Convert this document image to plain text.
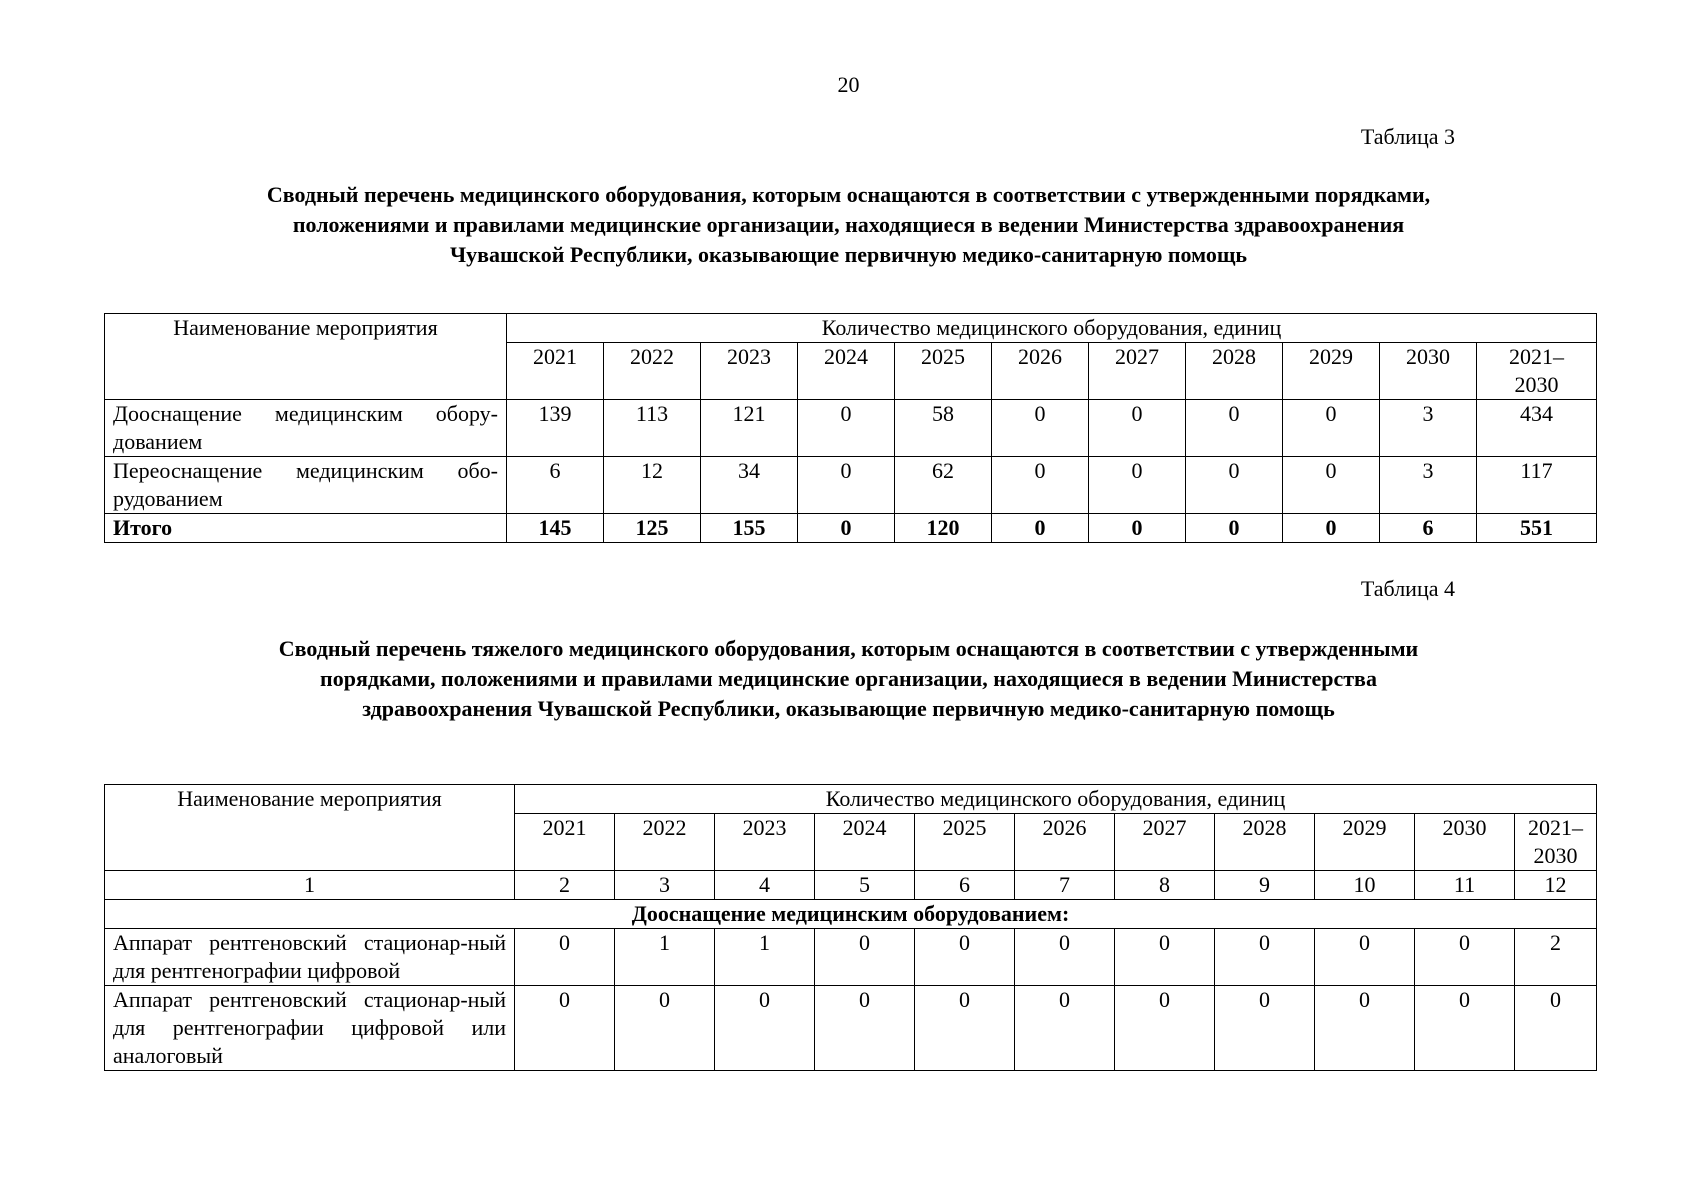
20
Таблица 3
Сводный перечень медицинского оборудования, которым оснащаются в соответствии с утвержденными порядками,
положениями и правилами медицинские организации, находящиеся в ведении Министерства здравоохранения
Чувашской Республики, оказывающие первичную медико-санитарную помощь
Наименование мероприятия	Количество медицинского оборудования, единиц										
	2021	2022	2023	2024	2025	2026	2027	2028	2029	2030	2021–
2030
Дооснащение медицинским обору-дованием	139	113	121	0	58	0	0	0	0	3	434
Переоснащение медицинским обо-рудованием	6	12	34	0	62	0	0	0	0	3	117
Итого	145	125	155	0	120	0	0	0	0	6	551
Таблица 4
Сводный перечень тяжелого медицинского оборудования, которым оснащаются в соответствии с утвержденными
порядками, положениями и правилами медицинские организации, находящиеся в ведении Министерства
здравоохранения Чувашской Республики, оказывающие первичную медико-санитарную помощь
Наименование мероприятия	Количество медицинского оборудования, единиц										
	2021	2022	2023	2024	2025	2026	2027	2028	2029	2030	2021–
2030
1	2	3	4	5	6	7	8	9	10	11	12
Дооснащение медицинским оборудованием:											
Аппарат рентгеновский стационар-ный для рентгенографии цифровой	0	1	1	0	0	0	0	0	0	0	2
Аппарат рентгеновский стационар-ный для рентгенографии цифровой или аналоговый	0	0	0	0	0	0	0	0	0	0	0
